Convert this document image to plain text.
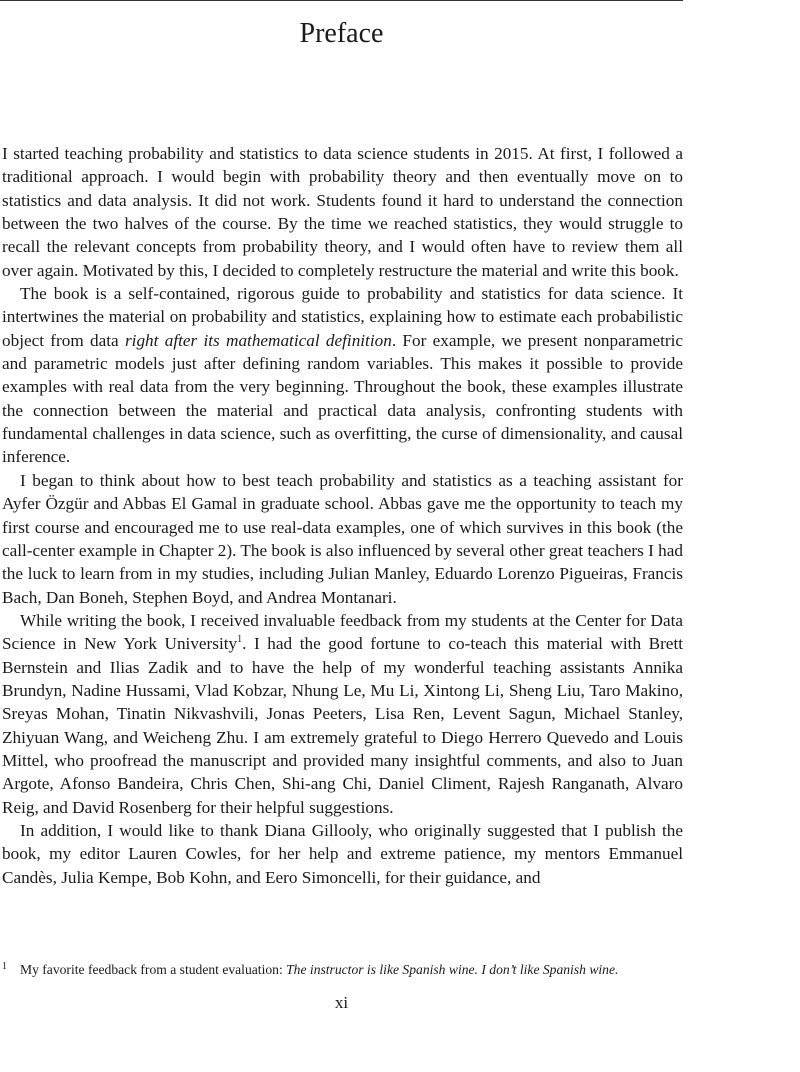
Preface

I started teaching probability and statistics to data science students in 2015. At first, I followed a traditional approach. I would begin with probability theory and then eventually move on to statistics and data analysis. It did not work. Students found it hard to understand the connection between the two halves of the course. By the time we reached statistics, they would struggle to recall the relevant concepts from probability theory, and I would often have to review them all over again. Motivated by this, I decided to completely restructure the material and write this book.

The book is a self-contained, rigorous guide to probability and statistics for data science. It intertwines the material on probability and statistics, explaining how to estimate each probabilistic object from data right after its mathematical definition. For example, we present nonparametric and parametric models just after defining random variables. This makes it possible to provide examples with real data from the very beginning. Throughout the book, these examples illustrate the connection between the material and practical data analysis, confronting students with fundamental challenges in data science, such as overfitting, the curse of dimensionality, and causal inference.

I began to think about how to best teach probability and statistics as a teaching assistant for Ayfer Özgür and Abbas El Gamal in graduate school. Abbas gave me the opportunity to teach my first course and encouraged me to use real-data examples, one of which survives in this book (the call-center example in Chapter 2). The book is also influenced by several other great teachers I had the luck to learn from in my studies, including Julian Manley, Eduardo Lorenzo Pigueiras, Francis Bach, Dan Boneh, Stephen Boyd, and Andrea Montanari.

While writing the book, I received invaluable feedback from my students at the Center for Data Science in New York University$^1$. I had the good fortune to co-teach this material with Brett Bernstein and Ilias Zadik and to have the help of my wonderful teaching assistants Annika Brundyn, Nadine Hussami, Vlad Kobzar, Nhung Le, Mu Li, Xintong Li, Sheng Liu, Taro Makino, Sreyas Mohan, Tinatin Nikvashvili, Jonas Peeters, Lisa Ren, Levent Sagun, Michael Stanley, Zhiyuan Wang, and Weicheng Zhu. I am extremely grateful to Diego Herrero Quevedo and Louis Mittel, who proofread the manuscript and provided many insightful comments, and also to Juan Argote, Afonso Bandeira, Chris Chen, Shi-ang Chi, Daniel Climent, Rajesh Ranganath, Alvaro Reig, and David Rosenberg for their helpful suggestions.

In addition, I would like to thank Diana Gillooly, who originally suggested that I publish the book, my editor Lauren Cowles, for her help and extreme patience, my mentors Emmanuel Candès, Julia Kempe, Bob Kohn, and Eero Simoncelli, for their guidance, and

1 My favorite feedback from a student evaluation: The instructor is like Spanish wine. I don’t like Spanish wine.
xi
